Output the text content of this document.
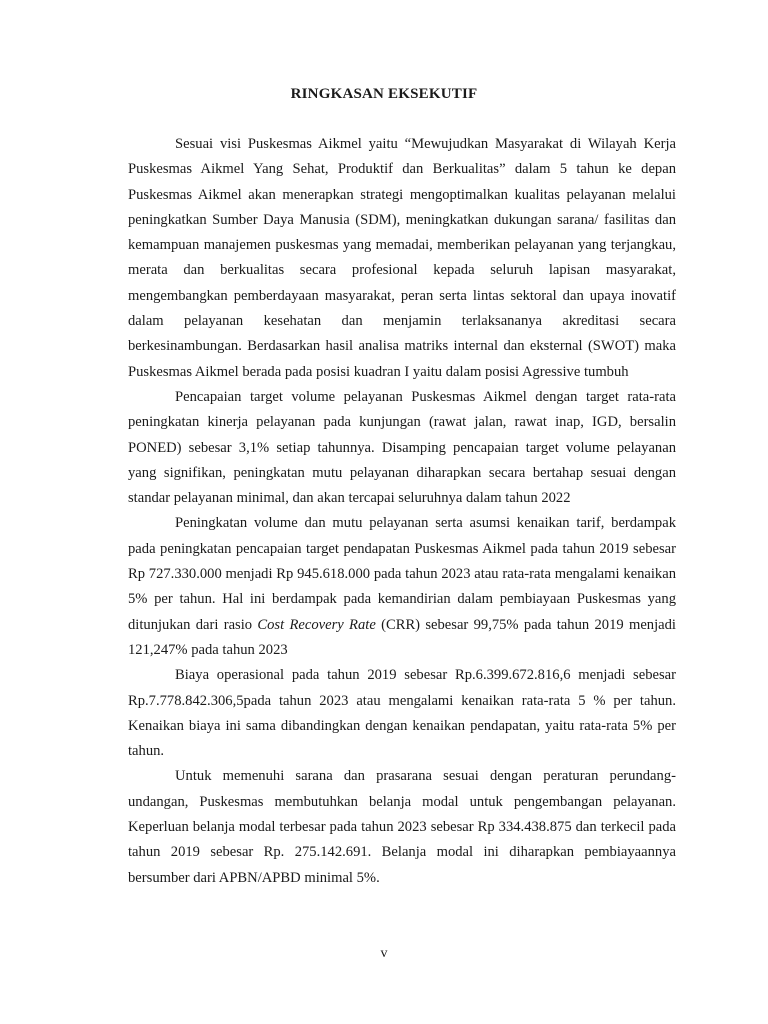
RINGKASAN EKSEKUTIF

Sesuai visi Puskesmas Aikmel yaitu “Mewujudkan Masyarakat di Wilayah Kerja Puskesmas Aikmel Yang Sehat, Produktif dan Berkualitas” dalam 5 tahun ke depan Puskesmas Aikmel akan menerapkan strategi mengoptimalkan kualitas pelayanan melalui peningkatkan Sumber Daya Manusia (SDM), meningkatkan dukungan sarana/ fasilitas dan kemampuan manajemen puskesmas yang memadai, memberikan pelayanan yang terjangkau, merata dan berkualitas secara profesional kepada seluruh lapisan masyarakat, mengembangkan pemberdayaan masyarakat, peran serta lintas sektoral dan upaya inovatif dalam pelayanan kesehatan dan menjamin terlaksananya akreditasi secara berkesinambungan. Berdasarkan hasil analisa matriks internal dan eksternal (SWOT) maka Puskesmas Aikmel berada pada posisi kuadran I yaitu dalam posisi Agressive tumbuh

Pencapaian target volume pelayanan Puskesmas Aikmel dengan target rata-rata peningkatan kinerja pelayanan pada kunjungan (rawat jalan, rawat inap, IGD, bersalin PONED) sebesar 3,1% setiap tahunnya. Disamping pencapaian target volume pelayanan yang signifikan, peningkatan mutu pelayanan diharapkan secara bertahap sesuai dengan standar pelayanan minimal, dan akan tercapai seluruhnya dalam tahun 2022

Peningkatan volume dan mutu pelayanan serta asumsi kenaikan tarif, berdampak pada peningkatan pencapaian target pendapatan Puskesmas Aikmel pada tahun 2019 sebesar Rp 727.330.000 menjadi Rp 945.618.000 pada tahun 2023 atau rata-rata mengalami kenaikan 5% per tahun. Hal ini berdampak pada kemandirian dalam pembiayaan Puskesmas yang ditunjukan dari rasio Cost Recovery Rate (CRR) sebesar 99,75% pada tahun 2019 menjadi 121,247% pada tahun 2023

Biaya operasional pada tahun 2019 sebesar Rp.6.399.672.816,6 menjadi sebesar Rp.7.778.842.306,5pada tahun 2023 atau mengalami kenaikan rata-rata 5 % per tahun. Kenaikan biaya ini sama dibandingkan dengan kenaikan pendapatan, yaitu rata-rata 5% per tahun.

Untuk memenuhi sarana dan prasarana sesuai dengan peraturan perundang-undangan, Puskesmas membutuhkan belanja modal untuk pengembangan pelayanan. Keperluan belanja modal terbesar pada tahun 2023 sebesar Rp 334.438.875 dan terkecil pada tahun 2019 sebesar Rp. 275.142.691. Belanja modal ini diharapkan pembiayaannya bersumber dari APBN/APBD minimal 5%.

v
